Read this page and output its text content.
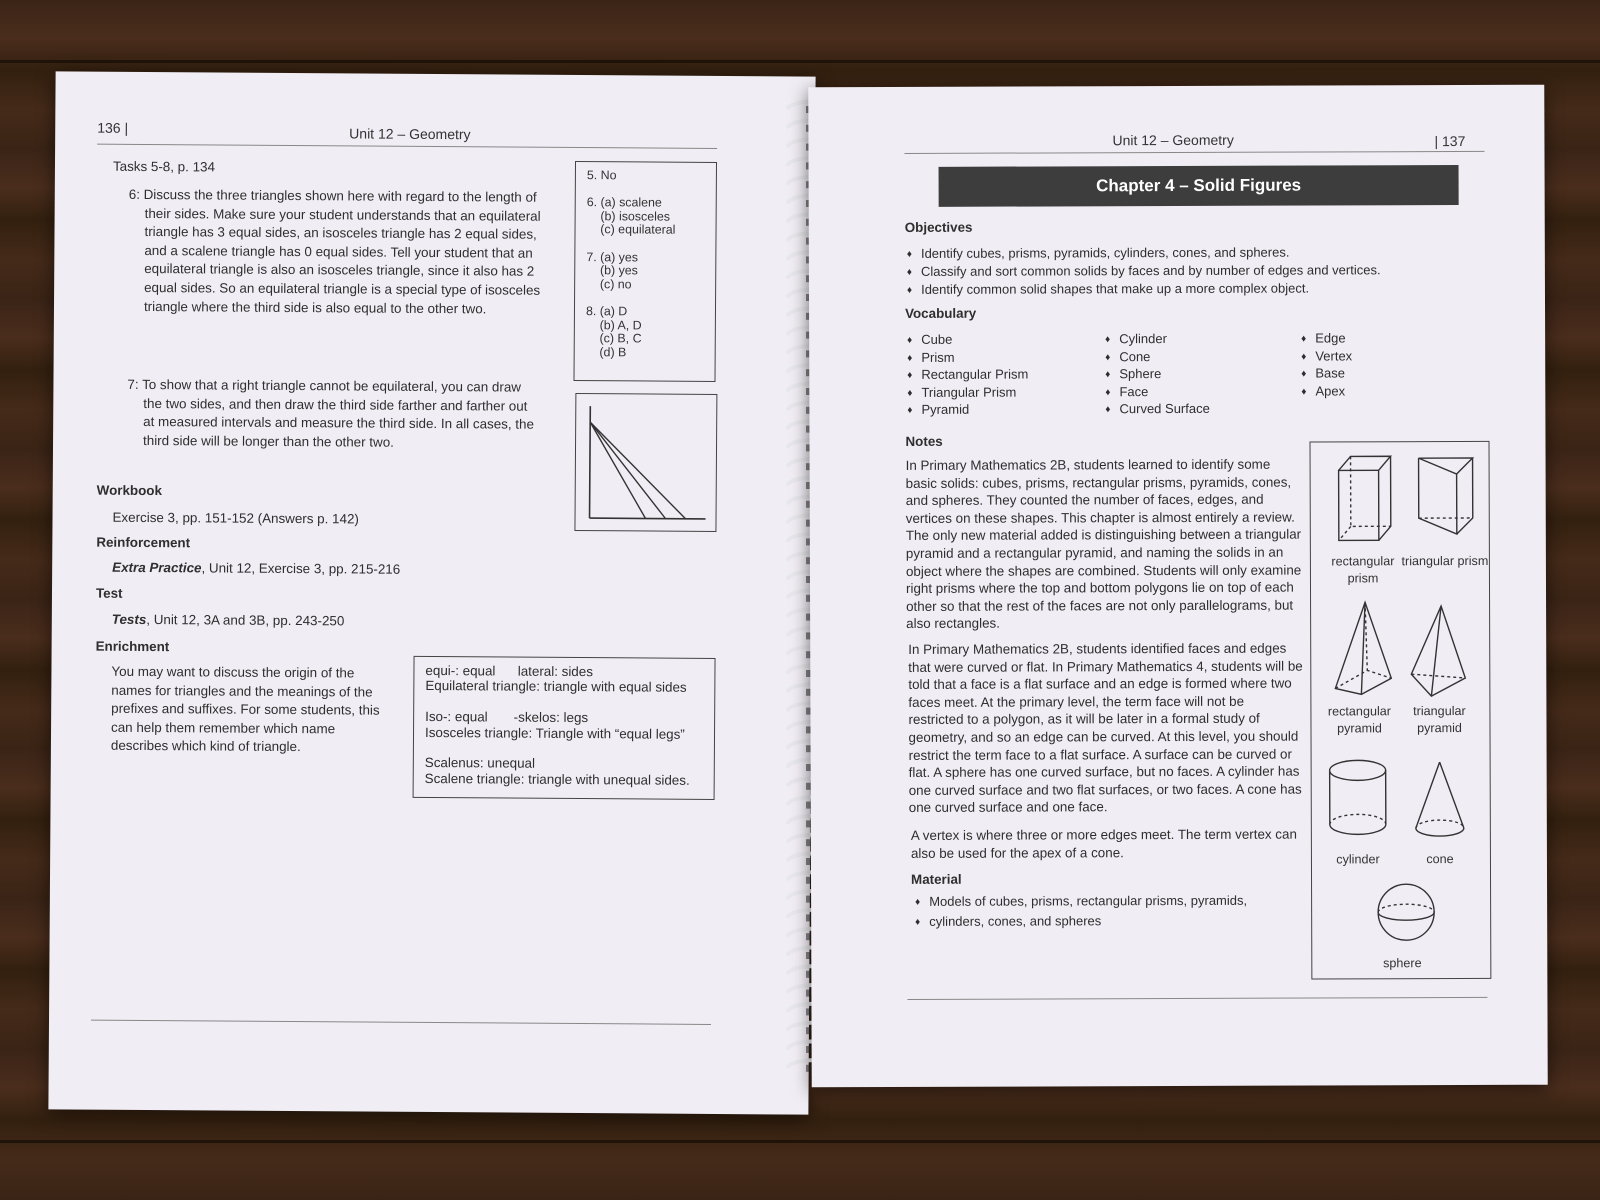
136 |	Unit 12 – Geometry
Tasks 5-8, p. 134
Workbook
Exercise 3, pp. 151-152 (Answers p. 142)
Reinforcement
Extra Practice, Unit 12, Exercise 3, pp. 215-216
Test
Tests, Unit 12, 3A and 3B, pp. 243-250
Enrichment
6: Discuss the three triangles shown here with regard to the length of
their sides. Make sure your student understands that an equilateral
triangle has 3 equal sides, an isosceles triangle has 2 equal sides,
and a scalene triangle has 0 equal sides. Tell your student that an
equilateral triangle is also an isosceles triangle, since it also has 2
equal sides. So an equilateral triangle is a special type of isosceles
triangle where the third side is also equal to the other two.
7: To show that a right triangle cannot be equilateral, you can draw
the two sides, and then draw the third side farther and farther out
at measured intervals and measure the third side. In all cases, the
third side will be longer than the other two.
5. No
6. (a) scalene
(b) isosceles
(c) equilateral
7. (a) yes
(b) yes
(c) no
8. (a) D
(b) A, D
(c) B, C
(d) B
You may want to discuss the origin of the
names for triangles and the meanings of the
prefixes and suffixes. For some students, this
can help them remember which name
describes which kind of triangle.
equi-: equal      lateral: sides
Equilateral triangle: triangle with equal sides
Iso-: equal       -skelos: legs
Isosceles triangle: Triangle with “equal legs”
Scalenus: unequal
Scalene triangle: triangle with unequal sides.
Unit 12 – Geometry	| 137
Chapter 4 – Solid Figures
Objectives
Vocabulary
Notes
Material
rectangular prism
triangular prism
rectangular pyramid
triangular pyramid
cylinder	cone
sphere
♦ Identify cubes, prisms, pyramids, cylinders, cones, and spheres.
♦ Classify and sort common solids by faces and by number of edges and vertices.
♦ Identify common solid shapes that make up a more complex object.
In Primary Mathematics 2B, students learned to identify some
basic solids: cubes, prisms, rectangular prisms, pyramids, cones,
and spheres. They counted the number of faces, edges, and
vertices on these shapes. This chapter is almost entirely a review.
The only new material added is distinguishing between a triangular
pyramid and a rectangular pyramid, and naming the solids in an
object where the shapes are combined. Students will only examine
right prisms where the top and bottom polygons lie on top of each
other so that the rest of the faces are not only parallelograms, but
also rectangles.
In Primary Mathematics 2B, students identified faces and edges
that were curved or flat. In Primary Mathematics 4, students will be
told that a face is a flat surface and an edge is formed where two
faces meet. At the primary level, the term face will not be
restricted to a polygon, as it will be later in a formal study of
geometry, and so an edge can be curved. At this level, you should
restrict the term face to a flat surface. A surface can be curved or
flat. A sphere has one curved surface, but no faces. A cylinder has
one curved surface and two flat surfaces, or two faces. A cone has
one curved surface and one face.
A vertex is where three or more edges meet. The term vertex can
also be used for the apex of a cone.
♦ Models of cubes, prisms, rectangular prisms, pyramids,
♦ cylinders, cones, and spheres
♦ Cube
♦ Prism
♦ Rectangular Prism
♦ Triangular Prism
♦ Pyramid
♦ Cylinder
♦ Cone
♦ Sphere
♦ Face
♦ Curved Surface
♦ Edge
♦ Vertex
♦ Base
♦ Apex
